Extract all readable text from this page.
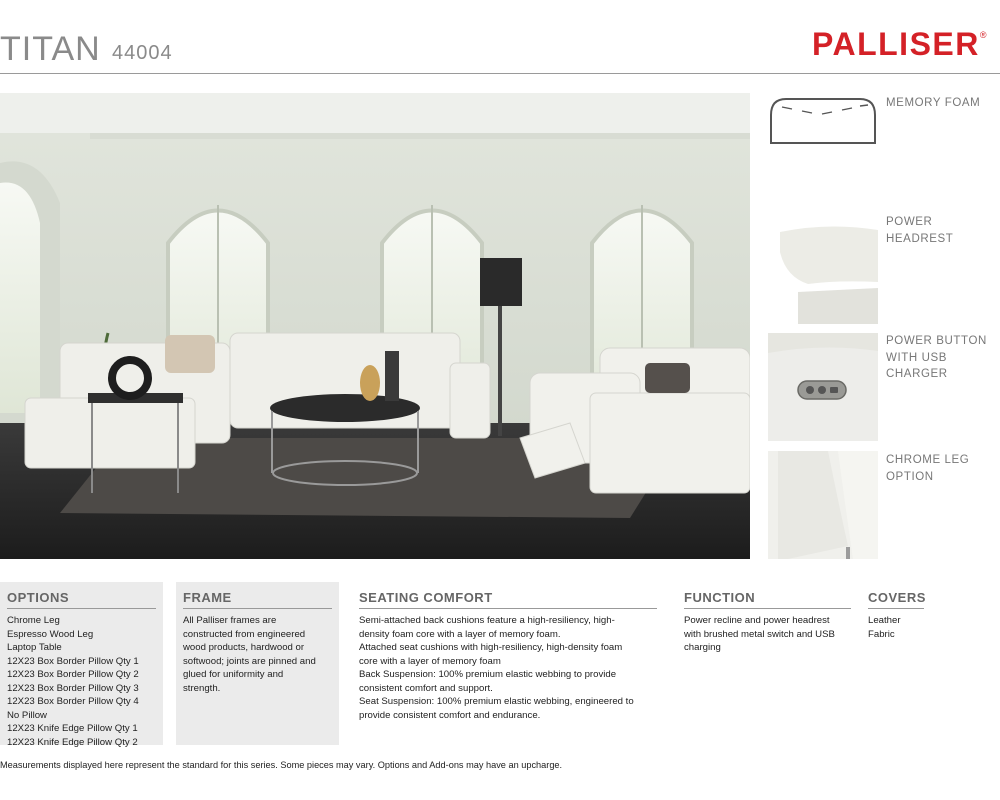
TITAN 44004	PALLISER®
MEMORY FOAM
POWER
HEADREST
POWER BUTTON
WITH USB
CHARGER
CHROME LEG
OPTION
OPTIONS
Chrome Leg
Espresso Wood Leg
Laptop Table
12X23 Box Border Pillow Qty 1
12X23 Box Border Pillow Qty 2
12X23 Box Border Pillow Qty 3
12X23 Box Border Pillow Qty 4
No Pillow
12X23 Knife Edge Pillow Qty 1
12X23 Knife Edge Pillow Qty 2
FRAME
All Palliser frames are
constructed from engineered
wood products, hardwood or
softwood; joints are pinned and
glued for uniformity and
strength.
SEATING COMFORT
Semi-attached back cushions feature a high-resiliency, high-
density foam core with a layer of memory foam.
Attached seat cushions with high-resiliency, high-density foam
core with a layer of memory foam
Back Suspension: 100% premium elastic webbing to provide
consistent comfort and support.
Seat Suspension: 100% premium elastic webbing, engineered to
provide consistent comfort and endurance.
FUNCTION
Power recline and power headrest
with brushed metal switch and USB
charging
COVERS
Leather
Fabric
Measurements displayed here represent the standard for this series. Some pieces may vary. Options and Add-ons may have an upcharge.
